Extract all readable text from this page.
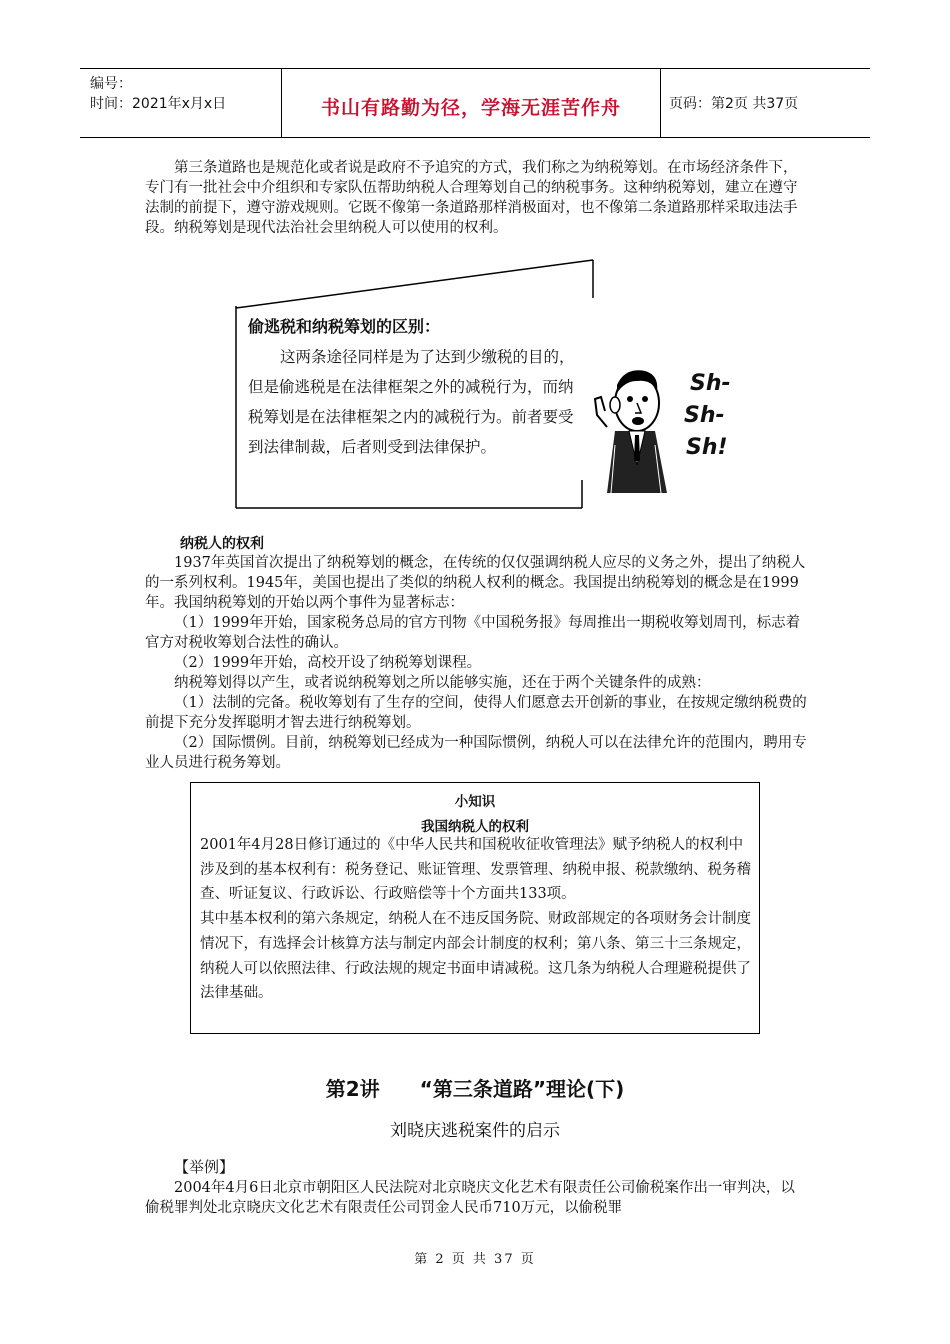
编号：
时间：2021年x月x日	书山有路勤为径，学海无涯苦作舟	页码：第2页 共37页
第三条道路也是规范化或者说是政府不予追究的方式，我们称之为纳税筹划。在市场经济条件下，专门有一批社会中介组织和专家队伍帮助纳税人合理筹划自己的纳税事务。这种纳税筹划，建立在遵守法制的前提下，遵守游戏规则。它既不像第一条道路那样消极面对，也不像第二条道路那样采取违法手段。纳税筹划是现代法治社会里纳税人可以使用的权利。
偷逃税和纳税筹划的区别：
这两条途径同样是为了达到少缴税的目的，但是偷逃税是在法律框架之外的减税行为，而纳税筹划是在法律框架之内的减税行为。前者要受到法律制裁，后者则受到法律保护。
Sh-
Sh-
Sh!
纳税人的权利
1937年英国首次提出了纳税筹划的概念，在传统的仅仅强调纳税人应尽的义务之外，提出了纳税人的一系列权利。1945年，美国也提出了类似的纳税人权利的概念。我国提出纳税筹划的概念是在1999年。我国纳税筹划的开始以两个事件为显著标志：
（1）1999年开始，国家税务总局的官方刊物《中国税务报》每周推出一期税收筹划周刊，标志着官方对税收筹划合法性的确认。
（2）1999年开始，高校开设了纳税筹划课程。
纳税筹划得以产生，或者说纳税筹划之所以能够实施，还在于两个关键条件的成熟：
（1）法制的完备。税收筹划有了生存的空间，使得人们愿意去开创新的事业，在按规定缴纳税费的前提下充分发挥聪明才智去进行纳税筹划。
（2）国际惯例。目前，纳税筹划已经成为一种国际惯例，纳税人可以在法律允许的范围内，聘用专业人员进行税务筹划。
小知识
我国纳税人的权利
2001年4月28日修订通过的《中华人民共和国税收征收管理法》赋予纳税人的权利中涉及到的基本权利有：税务登记、账证管理、发票管理、纳税申报、税款缴纳、税务稽查、听证复议、行政诉讼、行政赔偿等十个方面共133项。
其中基本权利的第六条规定，纳税人在不违反国务院、财政部规定的各项财务会计制度情况下，有选择会计核算方法与制定内部会计制度的权利；第八条、第三十三条规定，纳税人可以依照法律、行政法规的规定书面申请减税。这几条为纳税人合理避税提供了法律基础。
第2讲 “第三条道路”理论(下)
刘晓庆逃税案件的启示
【举例】
2004年4月6日北京市朝阳区人民法院对北京晓庆文化艺术有限责任公司偷税案作出一审判决，以偷税罪判处北京晓庆文化艺术有限责任公司罚金人民币710万元，以偷税罪
第 2 页 共 37 页
